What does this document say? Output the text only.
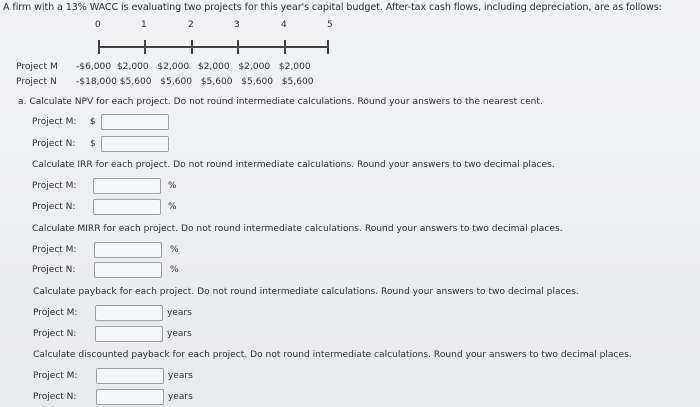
A firm with a 13% WACC is evaluating two projects for this year's capital budget. After-tax cash flows, including depreciation, are as follows:
0	1	2	3	4	5
Project M -$6,000  $2,000   $2,000   $2,000   $2,000   $2,000
Project N -$18,000 $5,600   $5,600   $5,600   $5,600   $5,600
a. Calculate NPV for each project. Do not round intermediate calculations. Round your answers to the nearest cent.
Project M: $
Project N: $
Calculate IRR for each project. Do not round intermediate calculations. Round your answers to two decimal places.
Project M:	%
Project N:	%
Calculate MIRR for each project. Do not round intermediate calculations. Round your answers to two decimal places.
Project M:	%
Project N:	%
Calculate payback for each project. Do not round intermediate calculations. Round your answers to two decimal places.
Project M:	years
Project N:	years
Calculate discounted payback for each project. Do not round intermediate calculations. Round your answers to two decimal places.
Project M:	years
Project N:	years
